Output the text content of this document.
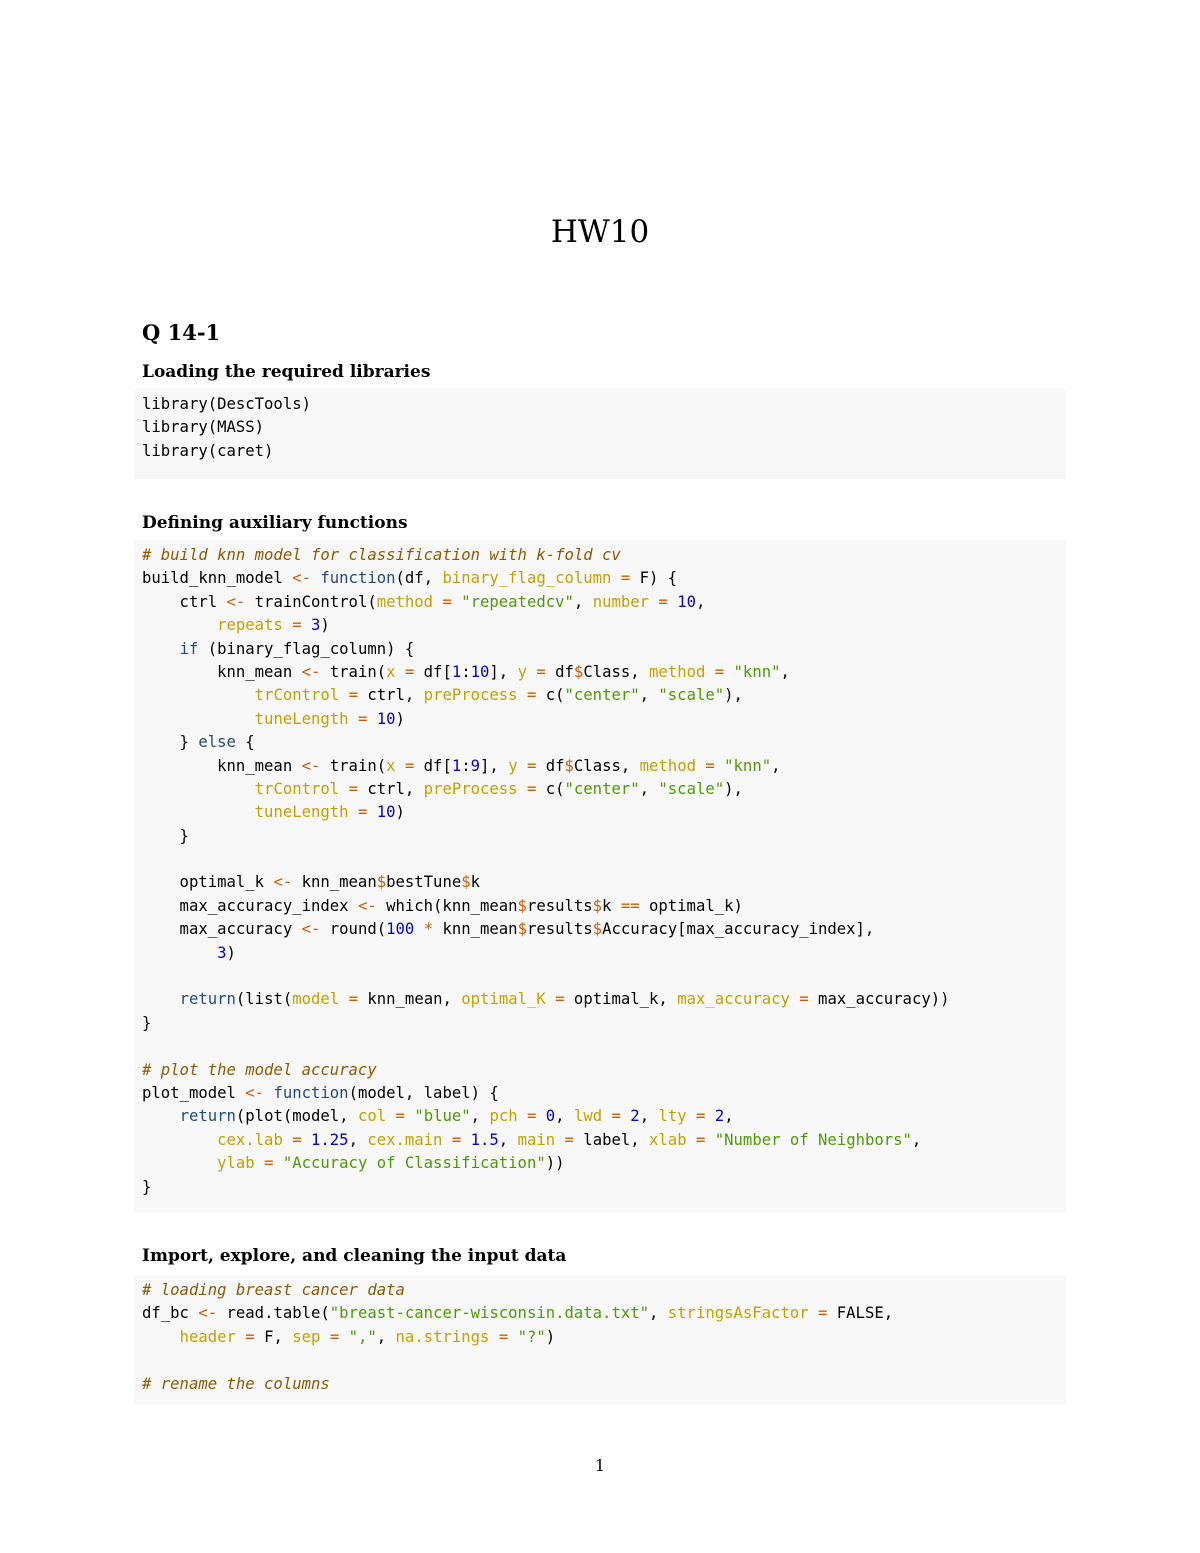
HW10
Q 14-1
Loading the required libraries
library(DescTools)
library(MASS)
library(caret)
Defining auxiliary functions
# build knn model for classification with k-fold cv
build_knn_model <- function(df, binary_flag_column = F) {
ctrl <- trainControl(method = "repeatedcv", number = 10,
repeats = 3)
if (binary_flag_column) {
knn_mean <- train(x = df[1:10], y = df$Class, method = "knn",
trControl = ctrl, preProcess = c("center", "scale"),
tuneLength = 10)
} else {
knn_mean <- train(x = df[1:9], y = df$Class, method = "knn",
trControl = ctrl, preProcess = c("center", "scale"),
tuneLength = 10)
}
optimal_k <- knn_mean$bestTune$k
max_accuracy_index <- which(knn_mean$results$k == optimal_k)
max_accuracy <- round(100 * knn_mean$results$Accuracy[max_accuracy_index],
3)
return(list(model = knn_mean, optimal_K = optimal_k, max_accuracy = max_accuracy))
}
# plot the model accuracy
plot_model <- function(model, label) {
return(plot(model, col = "blue", pch = 0, lwd = 2, lty = 2,
cex.lab = 1.25, cex.main = 1.5, main = label, xlab = "Number of Neighbors",
ylab = "Accuracy of Classification"))
}
Import, explore, and cleaning the input data
# loading breast cancer data
df_bc <- read.table("breast-cancer-wisconsin.data.txt", stringsAsFactor = FALSE,
header = F, sep = ",", na.strings = "?")
# rename the columns
1
